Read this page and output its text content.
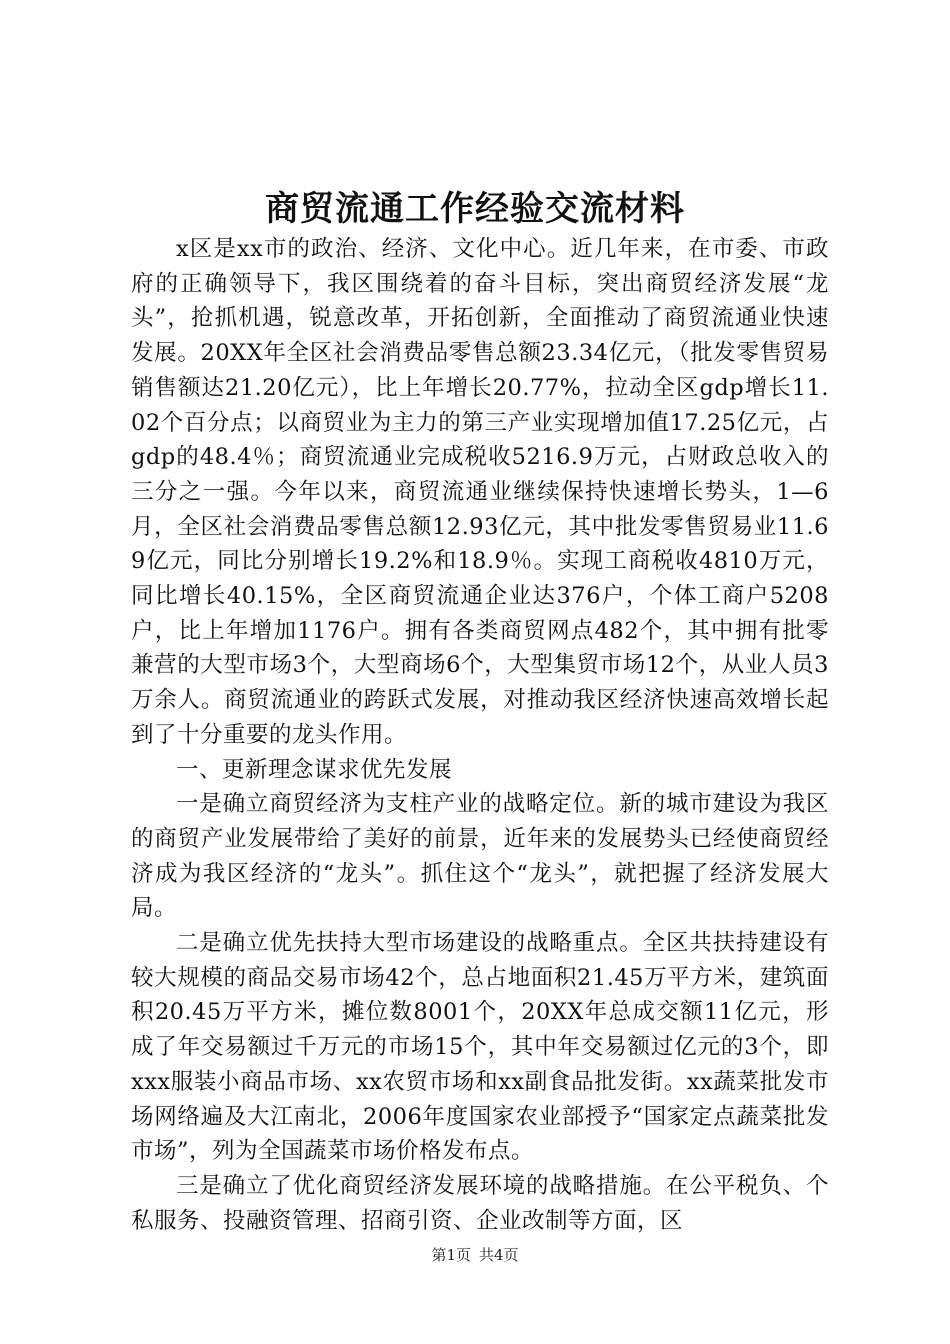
商贸流通工作经验交流材料

x区是xx市的政治、经济、文化中心。近几年来，在市委、市政府的正确领导下，我区围绕着的奋斗目标，突出商贸经济发展“龙头”，抢抓机遇，锐意改革，开拓创新，全面推动了商贸流通业快速发展。20XX年全区社会消费品零售总额23.34亿元，（批发零售贸易销售额达21.20亿元），比上年增长20.77%，拉动全区gdp增长11.02个百分点；以商贸业为主力的第三产业实现增加值17.25亿元，占gdp的48.4％；商贸流通业完成税收5216.9万元，占财政总收入的三分之一强。今年以来，商贸流通业继续保持快速增长势头，1—6月，全区社会消费品零售总额12.93亿元，其中批发零售贸易业11.69亿元，同比分别增长19.2%和18.9％。实现工商税收4810万元，同比增长40.15%，全区商贸流通企业达376户，个体工商户5208户，比上年增加1176户。拥有各类商贸网点482个，其中拥有批零兼营的大型市场3个，大型商场6个，大型集贸市场12个，从业人员3万余人。商贸流通业的跨跃式发展，对推动我区经济快速高效增长起到了十分重要的龙头作用。

一、更新理念谋求优先发展

一是确立商贸经济为支柱产业的战略定位。新的城市建设为我区的商贸产业发展带给了美好的前景，近年来的发展势头已经使商贸经济成为我区经济的“龙头”。抓住这个“龙头”，就把握了经济发展大局。

二是确立优先扶持大型市场建设的战略重点。全区共扶持建设有较大规模的商品交易市场42个，总占地面积21.45万平方米，建筑面积20.45万平方米，摊位数8001个，20XX年总成交额11亿元，形成了年交易额过千万元的市场15个，其中年交易额过亿元的3个，即xxx服装小商品市场、xx农贸市场和xx副食品批发街。xx蔬菜批发市场网络遍及大江南北，2006年度国家农业部授予“国家定点蔬菜批发市场”，列为全国蔬菜市场价格发布点。

三是确立了优化商贸经济发展环境的战略措施。在公平税负、个私服务、投融资管理、招商引资、企业改制等方面，区

第1页 共4页
